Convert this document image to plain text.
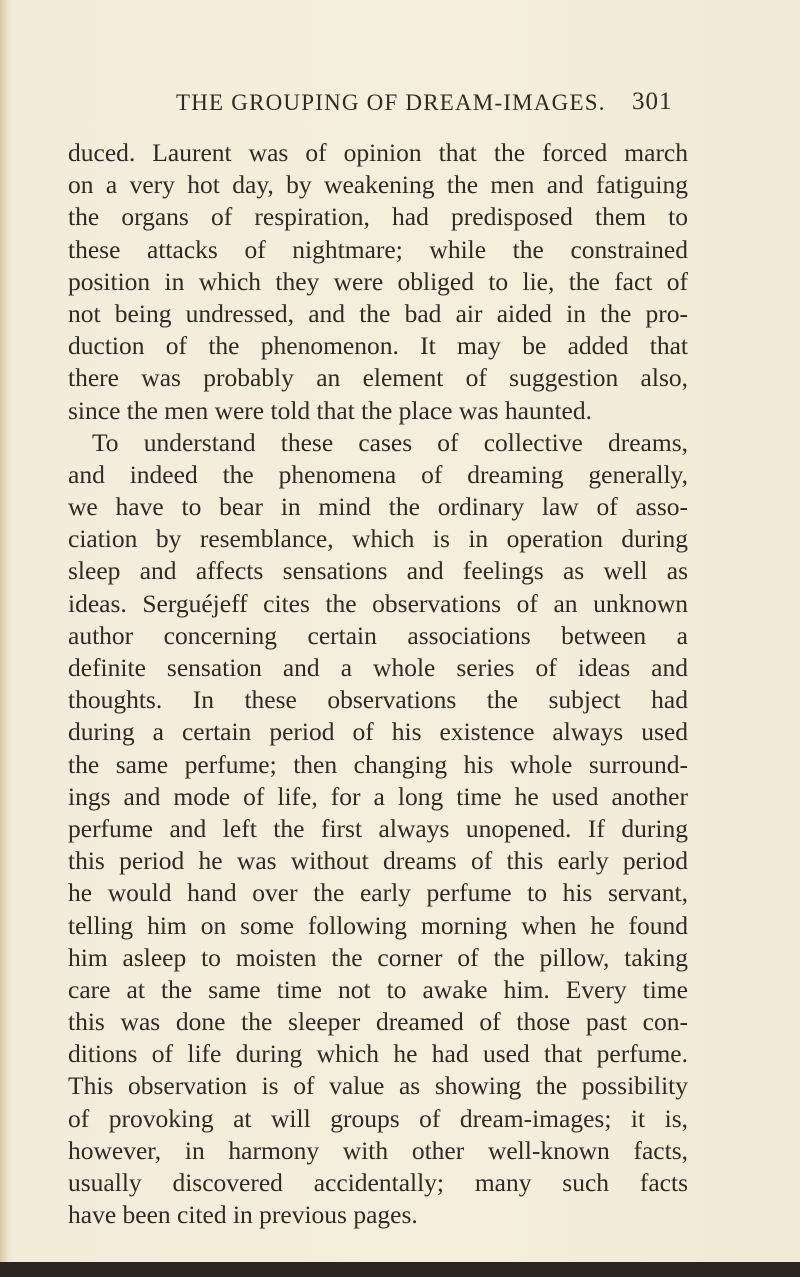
THE GROUPING OF DREAM-IMAGES. 301
duced. Laurent was of opinion that the forced march
on a very hot day, by weakening the men and fatiguing
the organs of respiration, had predisposed them to
these attacks of nightmare; while the constrained
position in which they were obliged to lie, the fact of
not being undressed, and the bad air aided in the pro-
duction of the phenomenon. It may be added that
there was probably an element of suggestion also,
since the men were told that the place was haunted.
To understand these cases of collective dreams,
and indeed the phenomena of dreaming generally,
we have to bear in mind the ordinary law of asso-
ciation by resemblance, which is in operation during
sleep and affects sensations and feelings as well as
ideas. Serguéjeff cites the observations of an unknown
author concerning certain associations between a
definite sensation and a whole series of ideas and
thoughts. In these observations the subject had
during a certain period of his existence always used
the same perfume; then changing his whole surround-
ings and mode of life, for a long time he used another
perfume and left the first always unopened. If during
this period he was without dreams of this early period
he would hand over the early perfume to his servant,
telling him on some following morning when he found
him asleep to moisten the corner of the pillow, taking
care at the same time not to awake him. Every time
this was done the sleeper dreamed of those past con-
ditions of life during which he had used that perfume.
This observation is of value as showing the possibility
of provoking at will groups of dream-images; it is,
however, in harmony with other well-known facts,
usually discovered accidentally; many such facts
have been cited in previous pages.
